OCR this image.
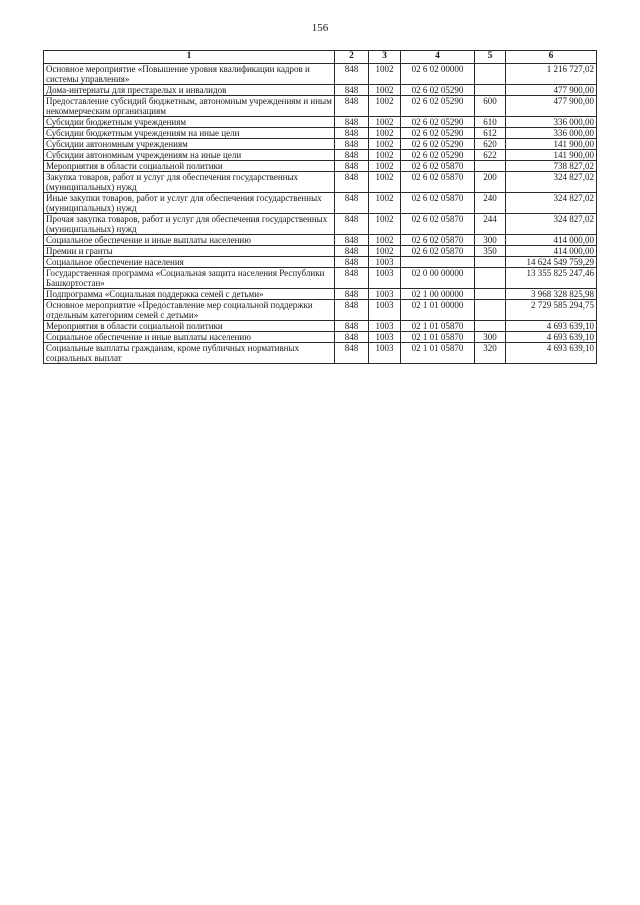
156
1	2	3	4	5	6
Основное мероприятие «Повышение уровня квалификации кадров и системы управления»	848	1002	02 6 02 00000		1 216 727,02
Дома-интернаты для престарелых и инвалидов	848	1002	02 6 02 05290		477 900,00
Предоставление субсидий бюджетным, автономным учреждениям и иным некоммерческим организациям	848	1002	02 6 02 05290	600	477 900,00
Субсидии бюджетным учреждениям	848	1002	02 6 02 05290	610	336 000,00
Субсидии бюджетным учреждениям на иные цели	848	1002	02 6 02 05290	612	336 000,00
Субсидии автономным учреждениям	848	1002	02 6 02 05290	620	141 900,00
Субсидии автономным учреждениям на иные цели	848	1002	02 6 02 05290	622	141 900,00
Мероприятия в области социальной политики	848	1002	02 6 02 05870		738 827,02
Закупка товаров, работ и услуг для обеспечения государственных (муниципальных) нужд	848	1002	02 6 02 05870	200	324 827,02
Иные закупки товаров, работ и услуг для обеспечения государственных (муниципальных) нужд	848	1002	02 6 02 05870	240	324 827,02
Прочая закупка товаров, работ и услуг для обеспечения государственных (муниципальных) нужд	848	1002	02 6 02 05870	244	324 827,02
Социальное обеспечение и иные выплаты населению	848	1002	02 6 02 05870	300	414 000,00
Премии и гранты	848	1002	02 6 02 05870	350	414 000,00
Социальное обеспечение населения	848	1003			14 624 549 759,29
Государственная программа «Социальная защита населения Республики Башкортостан»	848	1003	02 0 00 00000		13 355 825 247,46
Подпрограмма «Социальная поддержка семей с детьми»	848	1003	02 1 00 00000		3 968 328 825,98
Основное мероприятие «Предоставление мер социальной поддержки отдельным категориям семей с детьми»	848	1003	02 1 01 00000		2 729 585 294,75
Мероприятия в области социальной политики	848	1003	02 1 01 05870		4 693 639,10
Социальное обеспечение и иные выплаты населению	848	1003	02 1 01 05870	300	4 693 639,10
Социальные выплаты гражданам, кроме публичных нормативных социальных выплат	848	1003	02 1 01 05870	320	4 693 639,10
